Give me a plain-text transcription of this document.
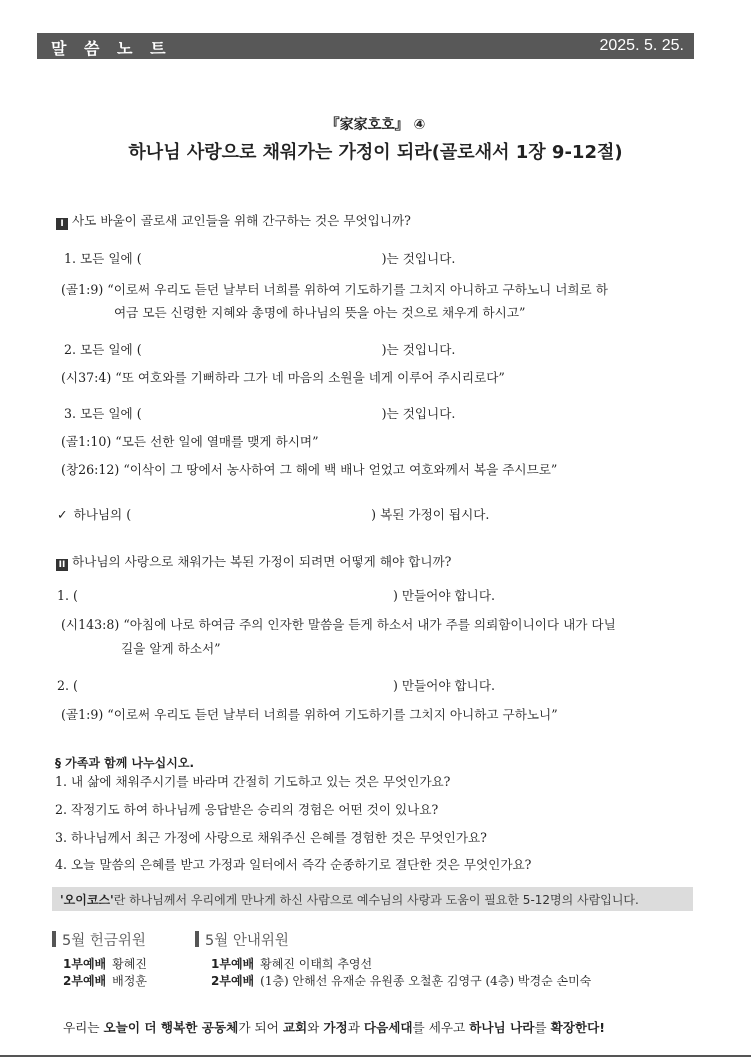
말 씀 노 트	2025. 5. 25.
『家家호호』 ④
하나님 사랑으로 채워가는 가정이 되라(골로새서 1장 9-12절)
I 사도 바울이 골로새 교인들을 위해 간구하는 것은 무엇입니까?
1. 모든 일에 (	)는 것입니다.
(골1:9) “이로써 우리도 듣던 날부터 너희를 위하여 기도하기를 그치지 아니하고 구하노니 너희로 하
여금 모든 신령한 지혜와 총명에 하나님의 뜻을 아는 것으로 채우게 하시고”
2. 모든 일에 (	)는 것입니다.
(시37:4) “또 여호와를 기뻐하라 그가 네 마음의 소원을 네게 이루어 주시리로다”
3. 모든 일에 (	)는 것입니다.
(골1:10) “모든 선한 일에 열매를 맺게 하시며”
(창26:12) “이삭이 그 땅에서 농사하여 그 해에 백 배나 얻었고 여호와께서 복을 주시므로”
✓ 하나님의 (	) 복된 가정이 됩시다.
II 하나님의 사랑으로 채워가는 복된 가정이 되려면 어떻게 해야 합니까?
1. (	) 만들어야 합니다.
(시143:8) “아침에 나로 하여금 주의 인자한 말씀을 듣게 하소서 내가 주를 의뢰함이니이다 내가 다닐
길을 알게 하소서”
2. (	) 만들어야 합니다.
(골1:9) “이로써 우리도 듣던 날부터 너희를 위하여 기도하기를 그치지 아니하고 구하노니”
§ 가족과 함께 나누십시오.
1. 내 삶에 채워주시기를 바라며 간절히 기도하고 있는 것은 무엇인가요?
2. 작정기도 하여 하나님께 응답받은 승리의 경험은 어떤 것이 있나요?
3. 하나님께서 최근 가정에 사랑으로 채워주신 은혜를 경험한 것은 무엇인가요?
4. 오늘 말씀의 은혜를 받고 가정과 일터에서 즉각 순종하기로 결단한 것은 무엇인가요?
'오이코스'란 하나님께서 우리에게 만나게 하신 사람으로 예수님의 사랑과 도움이 필요한 5-12명의 사람입니다.
5월 헌금위원
1부예배 황혜진
2부예배 배정훈
5월 안내위원
1부예배 황혜진 이태희 추영선
2부예배 (1층) 안해선 유재순 유원종 오철훈 김영구 (4층) 박경순 손미숙
우리는 오늘이 더 행복한 공동체가 되어 교회와 가정과 다음세대를 세우고 하나님 나라를 확장한다!
